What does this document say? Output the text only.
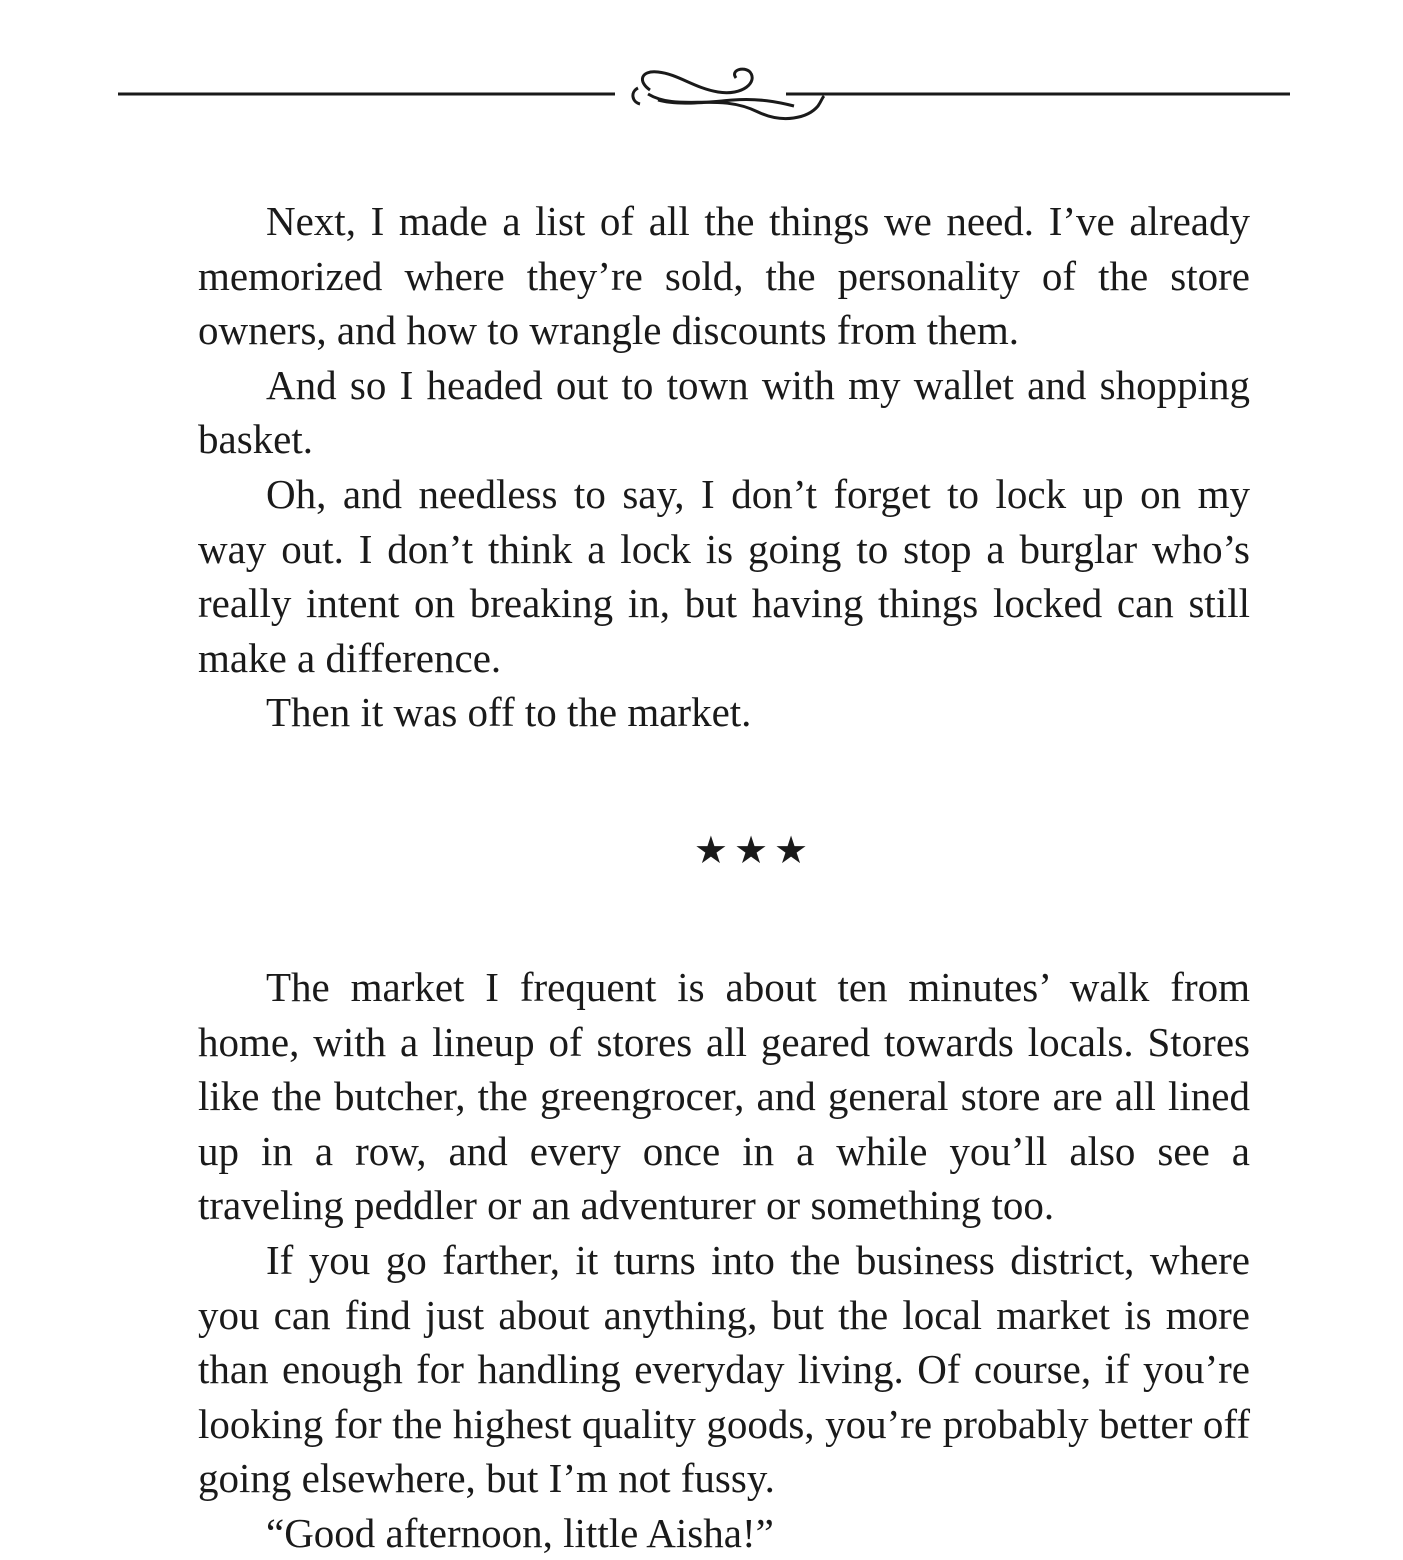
Next, I made a list of all the things we need. I’ve already memorized where they’re sold, the personality of the store owners, and how to wrangle discounts from them.

And so I headed out to town with my wallet and shopping basket.

Oh, and needless to say, I don’t forget to lock up on my way out. I don’t think a lock is going to stop a burglar who’s really intent on breaking in, but having things locked can still make a difference.

Then it was off to the market.

★★★

The market I frequent is about ten minutes’ walk from home, with a lineup of stores all geared towards locals. Stores like the butcher, the greengrocer, and general store are all lined up in a row, and every once in a while you’ll also see a traveling peddler or an adventurer or something too.

If you go farther, it turns into the business district, where you can find just about anything, but the local market is more than enough for handling everyday living. Of course, if you’re looking for the highest quality goods, you’re probably better off going elsewhere, but I’m not fussy.

“Good afternoon, little Aisha!”
